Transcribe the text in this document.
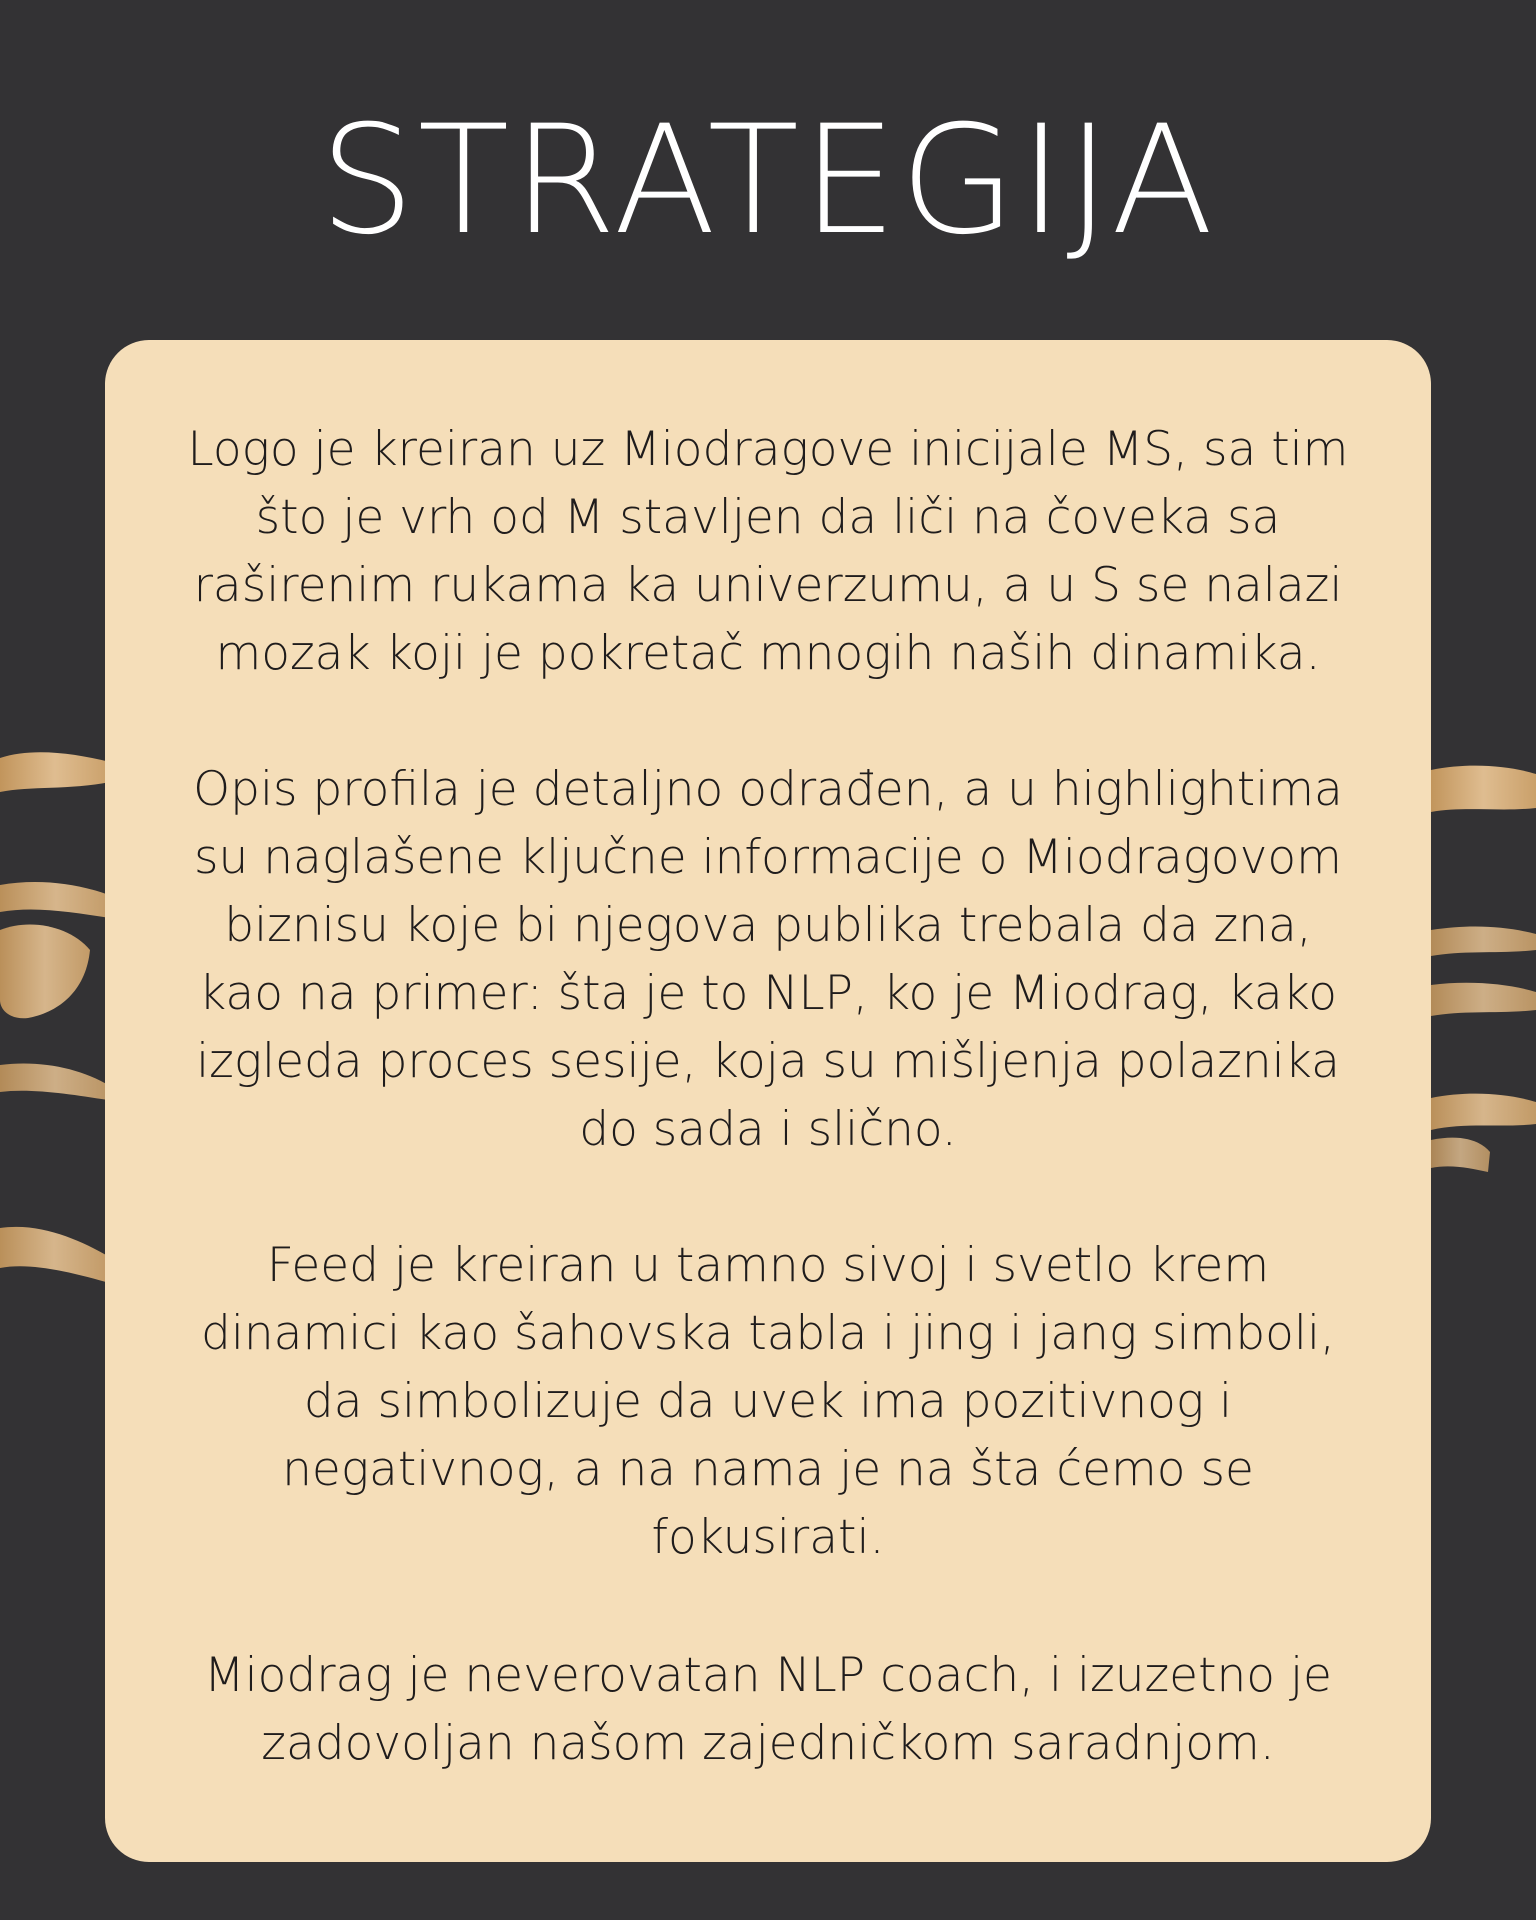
STRATEGIJA

Logo je kreiran uz Miodragove inicijale MS, sa tim
što je vrh od M stavljen da liči na čoveka sa
raširenim rukama ka univerzumu, a u S se nalazi
mozak koji je pokretač mnogih naših dinamika.

Opis profila je detaljno odrađen, a u highlightima
su naglašene ključne informacije o Miodragovom
biznisu koje bi njegova publika trebala da zna,
kao na primer: šta je to NLP, ko je Miodrag, kako
izgleda proces sesije, koja su mišljenja polaznika
do sada i slično.

Feed je kreiran u tamno sivoj i svetlo krem
dinamici kao šahovska tabla i jing i jang simboli,
da simbolizuje da uvek ima pozitivnog i
negativnog, a na nama je na šta ćemo se
fokusirati.

Miodrag je neverovatan NLP coach, i izuzetno je
zadovoljan našom zajedničkom saradnjom.
